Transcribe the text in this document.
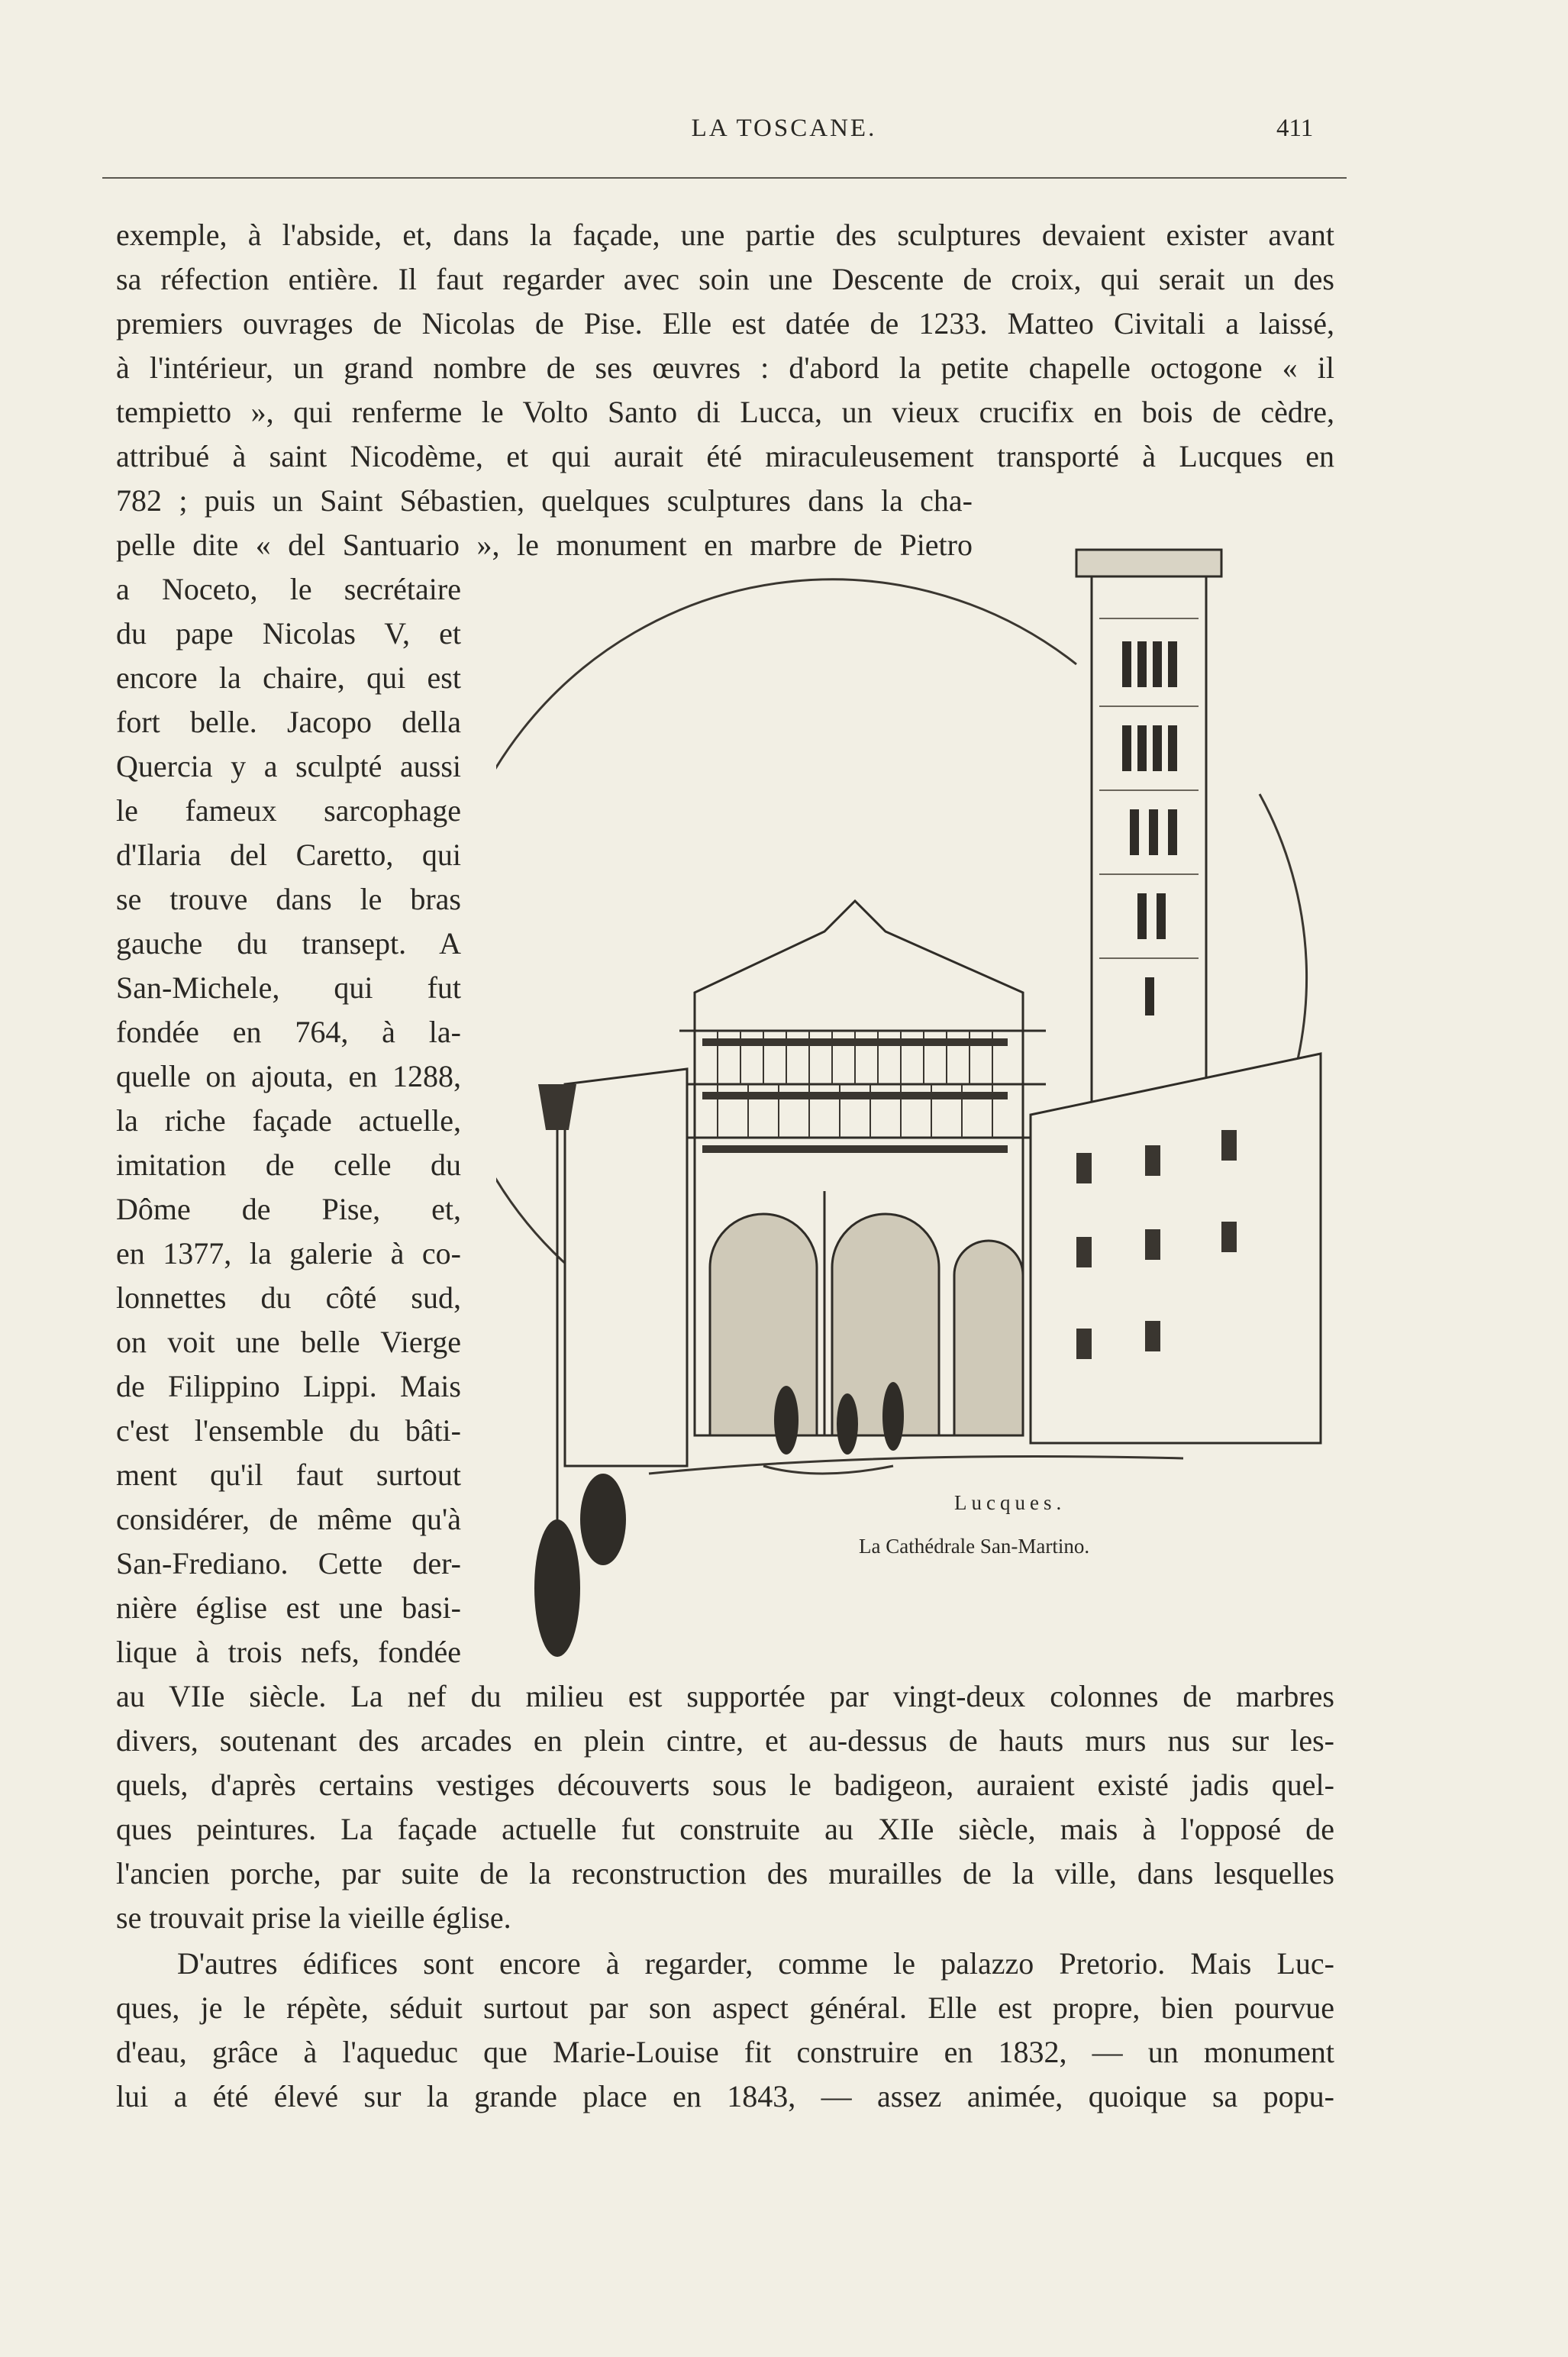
LA TOSCANE.	411
exemple, à l'abside, et, dans la façade, une partie des sculptures devaient exister avant
sa réfection entière. Il faut regarder avec soin une Descente de croix, qui serait un des
premiers ouvrages de Nicolas de Pise. Elle est datée de 1233. Matteo Civitali a laissé,
à l'intérieur, un grand nombre de ses œuvres : d'abord la petite chapelle octogone « il
tempietto », qui renferme le Volto Santo di Lucca, un vieux crucifix en bois de cèdre,
attribué à saint Nicodème, et qui aurait été miraculeusement transporté à Lucques en
782 ; puis un Saint Sébastien, quelques sculptures dans la cha-
pelle dite « del Santuario », le monument en marbre de Pietro
a Noceto, le secrétaire
du pape Nicolas V, et
encore la chaire, qui est
fort belle. Jacopo della
Quercia y a sculpté aussi
le fameux sarcophage
d'Ilaria del Caretto, qui
se trouve dans le bras
gauche du transept. A
San-Michele, qui fut
fondée en 764, à la-
quelle on ajouta, en 1288,
la riche façade actuelle,
imitation de celle du
Dôme de Pise, et,
en 1377, la galerie à co-
lonnettes du côté sud,
on voit une belle Vierge
de Filippino Lippi. Mais
c'est l'ensemble du bâti-
ment qu'il faut surtout
considérer, de même qu'à
San-Frediano. Cette der-
nière église est une basi-
lique à trois nefs, fondée
au VIIe siècle. La nef du milieu est supportée par vingt-deux colonnes de marbres
divers, soutenant des arcades en plein cintre, et au-dessus de hauts murs nus sur les-
quels, d'après certains vestiges découverts sous le badigeon, auraient existé jadis quel-
ques peintures. La façade actuelle fut construite au XIIe siècle, mais à l'opposé de
l'ancien porche, par suite de la reconstruction des murailles de la ville, dans lesquelles
se trouvait prise la vieille église.
D'autres édifices sont encore à regarder, comme le palazzo Pretorio. Mais Luc-
ques, je le répète, séduit surtout par son aspect général. Elle est propre, bien pourvue
d'eau, grâce à l'aqueduc que Marie-Louise fit construire en 1832, — un monument
lui a été élevé sur la grande place en 1843, — assez animée, quoique sa popu-
Lucques.
La Cathédrale San-Martino.
